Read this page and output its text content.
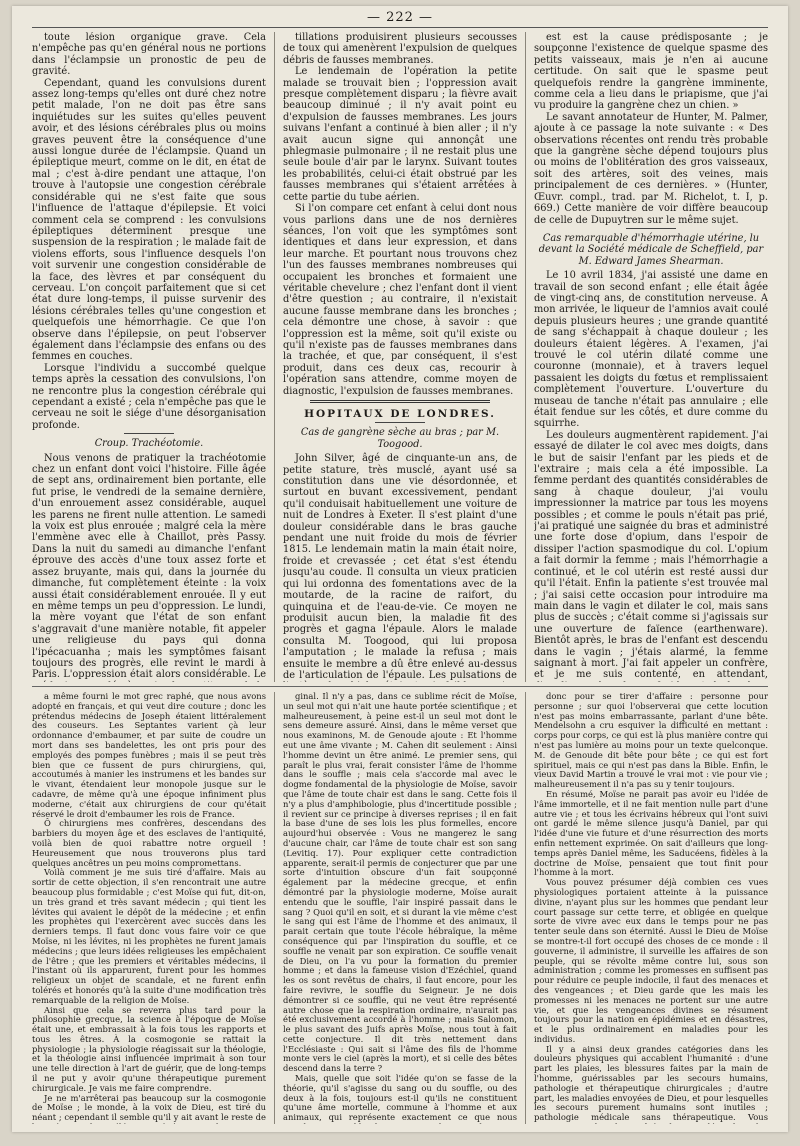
— 222 —

toute lésion organique grave. Cela n'empêche pas qu'en général nous ne portions dans l'éclampsie un pronostic de peu de gravité.

Cependant, quand les convulsions durent assez long-temps qu'elles ont duré chez notre petit malade, l'on ne doit pas être sans inquiétudes sur les suites qu'elles peuvent avoir, et des lésions cérébrales plus ou moins graves peuvent être la conséquence d'une aussi longue durée de l'éclampsie. Quand un épileptique meurt, comme on le dit, en état de mal ; c'est à-dire pendant une attaque, l'on trouve à l'autopsie une congestion cérébrale considérable qui ne s'est faite que sous l'influence de l'attaque d'épilepsie. Et voici comment cela se comprend : les convulsions épileptiques déterminent presque une suspension de la respiration ; le malade fait de violens efforts, sous l'influence desquels l'on voit survenir une congestion considérable de la face, des lèvres et par conséquent du cerveau. L'on conçoit parfaitement que si cet état dure long-temps, il puisse survenir des lésions cérébrales telles qu'une congestion et quelquefois une hémorrhagie. Ce que l'on observe dans l'épilepsie, on peut l'observer également dans l'éclampsie des enfans ou des femmes en couches.

Lorsque l'individu a succombé quelque temps après la cessation des convulsions, l'on ne rencontre plus la congestion cérébrale qui cependant a existé ; cela n'empêche pas que le cerveau ne soit le siége d'une désorganisation profonde.

Croup. Trachéotomie.

Nous venons de pratiquer la trachéotomie chez un enfant dont voici l'histoire. Fille âgée de sept ans, ordinairement bien portante, elle fut prise, le vendredi de la semaine dernière, d'un enrouement assez considérable, auquel les parens ne firent nulle attention. Le samedi la voix est plus enrouée ; malgré cela la mère l'emmène avec elle à Chaillot, près Passy. Dans la nuit du samedi au dimanche l'enfant éprouve des accès d'une toux assez forte et assez bruyante, mais qui, dans la journée du dimanche, fut complètement éteinte : la voix aussi était considérablement enrouée. Il y eut en même temps un peu d'oppression. Le lundi, la mère voyant que l'état de son enfant s'aggravait d'une manière notable, fit appeler une religieuse du pays qui donna l'ipécacuanha ; mais les symptômes faisant toujours des progrès, elle revint le mardi à Paris. L'oppression était alors considérable. Le

tillations produisirent plusieurs secousses de toux qui amenèrent l'expulsion de quelques débris de fausses membranes.

Le lendemain de l'opération la petite malade se trouvait bien ; l'oppression avait presque complètement disparu ; la fièvre avait beaucoup diminué ; il n'y avait point eu d'expulsion de fausses membranes. Les jours suivans l'enfant a continué à bien aller ; il n'y avait aucun signe qui annonçât une phlegmasie pulmonaire ; il ne restait plus une seule boule d'air par le larynx. Suivant toutes les probabilités, celui-ci était obstrué par les fausses membranes qui s'étaient arrêtées à cette partie du tube aérien.

Si l'on compare cet enfant à celui dont nous vous parlions dans une de nos dernières séances, l'on voit que les symptômes sont identiques et dans leur expression, et dans leur marche. Et pourtant nous trouvons chez l'un des fausses membranes nombreuses qui occupaient les bronches et formaient une véritable chevelure ; chez l'enfant dont il vient d'être question ; au contraire, il n'existait aucune fausse membrane dans les bronches ; cela démontre une chose, à savoir : que l'oppression est la même, soit qu'il existe ou qu'il n'existe pas de fausses membranes dans la trachée, et que, par conséquent, il s'est produit, dans ces deux cas, recourir à l'opération sans attendre, comme moyen de diagnostic, l'expulsion de fausses membranes.

HOPITAUX DE LONDRES.

Cas de gangrène sèche au bras ; par M. Toogood.

John Silver, âgé de cinquante-un ans, de petite stature, très musclé, ayant usé sa constitution dans une vie désordonnée, et surtout en buvant excessivement, pendant qu'il conduisait habituellement une voiture de nuit de Londres à Exeter. Il s'est plaint d'une douleur considérable dans le bras gauche pendant une nuit froide du mois de février 1815. Le lendemain matin la main était noire, froide et crevassée ; cet état s'est étendu jusqu'au coude. Il consulta un vieux praticien qui lui ordonna des fomentations avec de la moutarde, de la racine de raifort, du quinquina et de l'eau-de-vie. Ce moyen ne produisit aucun bien, la maladie fit des progrès et gagna l'épaule. Alors le malade consulta M. Toogood, qui lui proposa l'amputation ; le malade la refusa ; mais ensuite le membre a dû être enlevé au-dessus de l'articulation de l'épaule. Les pulsations de

est est la cause prédisposante ; je soupçonne l'existence de quelque spasme des petits vaisseaux, mais je n'en ai aucune certitude. On sait que le spasme peut quelquefois rendre la gangrène imminente, comme cela a lieu dans le priapisme, que j'ai vu produire la gangrène chez un chien. »

Le savant annotateur de Hunter, M. Palmer, ajoute à ce passage la note suivante : « Des observations récentes ont rendu très probable que la gangrène sèche dépend toujours plus ou moins de l'oblitération des gros vaisseaux, soit des artères, soit des veines, mais principalement de ces dernières. » (Hunter, Œuvr. compl., trad. par M. Richelot, t. I, p. 669.) Cette manière de voir diffère beaucoup de celle de Dupuytren sur le même sujet.

Cas remarquable d'hémorrhagie utérine, lu devant la Société médicale de Scheffield, par M. Edward James Shearman.

Le 10 avril 1834, j'ai assisté une dame en travail de son second enfant ; elle était âgée de vingt-cinq ans, de constitution nerveuse. A mon arrivée, le liqueur de l'amnios avait coulé depuis plusieurs heures ; une grande quantité de sang s'échappait à chaque douleur ; les douleurs étaient légères. A l'examen, j'ai trouvé le col utérin dilaté comme une couronne (monnaie), et à travers lequel passaient les doigts du fœtus et remplissaient complètement l'ouverture. L'ouverture du museau de tanche n'était pas annulaire ; elle était fendue sur les côtés, et dure comme du squirrhe.

Les douleurs augmentèrent rapidement. J'ai essayé de dilater le col avec mes doigts, dans le but de saisir l'enfant par les pieds et de l'extraire ; mais cela a été impossible. La femme perdant des quantités considérables de sang à chaque douleur, j'ai voulu impressionner la matrice par tous les moyens possibles ; et comme le pouls n'était pas prié, j'ai pratiqué une saignée du bras et administré une forte dose d'opium, dans l'espoir de dissiper l'action spasmodique du col. L'opium a fait dormir la femme ; mais l'hémorrhagie a continué, et le col utérin est resté aussi dur qu'il l'était. Enfin la patiente s'est trouvée mal ; j'ai saisi cette occasion pour introduire ma main dans le vagin et dilater le col, mais sans plus de succès ; c'était comme si j'agissais sur une ouverture de faïence (earthenware). Bientôt après, le bras de l'enfant est descendu dans le vagin ; j'étais alarmé, la femme saignant à mort. J'ai fait appeler un confrère, et je me suis contenté, en attendant,

a même fourni le mot grec raphé, que nous avons adopté en français, et qui veut dire couture ; donc les prétendus médecins de Joseph étaient littéralement des couseurs. Les Septantes varient çà leur ordonnance d'embaumer, et par suite de coudre un mort dans ses bandelettes, les ont pris pour des employés des pompes funèbres ; mais il se peut très bien que ce fussent de purs chirurgiens, qui, accoutumés à manier les instrumens et les bandes sur le vivant, étendaient leur monopole jusque sur le cadavre, de même qu'à une époque infiniment plus moderne, c'était aux chirurgiens de cour qu'était réservé le droit d'embaumer les rois de France.

Ô chirurgiens mes confrères, descendans des barbiers du moyen âge et des esclaves de l'antiquité, voilà bien de quoi rabattre notre orgueil ! Heureusement que nous trouverons plus tard quelques ancêtres un peu moins compromettans.

Voilà comment je me suis tiré d'affaire. Mais au sortir de cette objection, il s'en rencontrait une autre beaucoup plus formidable ; c'est Moïse qui fut, dit-on, un très grand et très savant médecin ; qui tient les lévites qui avaient le dépôt de la médecine ; et enfin les prophètes qui l'exercèrent avec succès dans les derniers temps. Il faut donc vous faire voir ce que Moïse, ni les lévites, ni les prophètes ne furent jamais médecins ; que leurs idées religieuses les empêchaient de l'être ; que les premiers et véritables médecins, il l'instant où ils apparurent, furent pour les hommes religieux un objet de scandale, et ne furent enfin tolérés et honorés qu'à la suite d'une modification très remarquable de la religion de Moïse.

Ainsi que cela se reverra plus tard pour la philosophie grecque, la science à l'époque de Moïse était une, et embrassait à la fois tous les rapports et tous les êtres. À la cosmogonie se rattait la physiologie ; la physiologie réagissait sur la théologie, et la théologie ainsi influencée imprimait à son tour une telle direction à l'art de guérir, que de long-temps il ne put y avoir qu'une thérapeutique purement chirurgicale. Je vais me faire comprendre.

Je ne m'arrêterai pas beaucoup sur la cosmogonie de Moïse ; le monde, à la voix de Dieu, est tiré du néant ; cependant il semble qu'il y ait avant le reste de

ginal. Il n'y a pas, dans ce sublime récit de Moïse, un seul mot qui n'ait une haute portée scientifique ; et malheureusement, à peine est-il un seul mot dont le sens demeure assuré. Ainsi, dans le même verset que nous examinons, M. de Genoude ajoute : Et l'homme eut une âme vivante ; M. Cahen dit seulement : Ainsi l'homme devint un être animé. Le premier sens, qui paraît le plus vrai, ferait consister l'âme de l'homme dans le souffle ; mais cela s'accorde mal avec le dogme fondamental de la physiologie de Moïse, savoir que l'âme de toute chair est dans le sang. Cette fois il n'y a plus d'amphibologie, plus d'incertitude possible ; il revient sur ce principe à diverses reprises ; il en fait la base d'une de ses lois les plus formelles, encore aujourd'hui observée : Vous ne mangerez le sang d'aucune chair, car l'âme de toute chair est son sang (Levitiq. 17). Pour expliquer cette contradiction apparente, serait-il permis de conjecturer que par une sorte d'intuition obscure d'un fait soupçonné également par la médecine grecque, et enfin démontré par la physiologie moderne, Moïse aurait entendu que le souffle, l'air inspiré passait dans le sang ? Quoi qu'il en soit, et si durant la vie même c'est le sang qui est l'âme de l'homme et des animaux, il parait certain que toute l'école hébraïque, la même conséquence qui par l'inspiration du souffle, et ce souffle ne venait par son expiration. Ce souffle venait de Dieu, on l'a vu pour la formation du premier homme ; et dans la fameuse vision d'Ezéchiel, quand les os sont revêtus de chairs, il faut encore, pour les faire revivre, le souffle du Seigneur. Je ne dois démontrer si ce souffle, qui ne veut être représenté autre chose que la respiration ordinaire, n'aurait pas été exclusivement accordé à l'homme ; mais Salomon, le plus savant des Juifs après Moïse, nous tout à fait cette conjecture. Il dit très nettement dans l'Ecclésiaste : Qui sait si l'âme des fils de l'homme monte vers le ciel (après la mort), et si celle des bêtes descend dans la terre ?

Mais, quelle que soit l'idée qu'on se fasse de la théorie, qu'il s'agisse du sang ou du souffle, ou des deux à la fois, toujours est-il qu'ils ne constituent qu'une âme mortelle, commune à l'homme et aux animaux, qui représente exactement ce que nous

donc pour se tirer d'affaire : personne pour personne ; sur quoi l'observerai que cette locution n'est pas moins embarrassante, parlant d'une bête. Mendelsohn a cru esquiver la difficulté en mettant : corps pour corps, ce qui est là plus manière contre qui n'est pas lumière au moins pour un texte quelconque. M. de Genoude dit bête pour bête ; ce qui est fort spirituel, mais ce qui n'est pas dans la Bible. Enfin, le vieux David Martin a trouvé le vrai mot : vie pour vie ; malheureusement il n'a pas su y tenir toujours.

En résumé, Moïse ne parait pas avoir eu l'idée de l'âme immortelle, et il ne fait mention nulle part d'une autre vie ; et tous les écrivains hébreux qui l'ont suivi ont gardé le même silence jusqu'à Daniel, par qui l'idée d'une vie future et d'une résurrection des morts enfin nettement exprimée. On sait d'ailleurs que long-temps après Daniel même, les Saducéens, fidèles à la doctrine de Moïse, pensaient que tout finit pour l'homme à la mort.

Vous pouvez présumer déjà combien ces vues physiologiques portaient atteinte à la puissance divine, n'ayant plus sur les hommes que pendant leur court passage sur cette terre, et obligée en quelque sorte de vivre avec eux dans le temps pour ne pas tenter seule dans son éternité. Aussi le Dieu de Moïse se montre-t-il fort occupé des choses de ce monde : il gouverne, il administre, il surveille les affaires de son peuple, qui se révolte même contre lui, sous son administration ; comme les promesses en suffisent pas pour réduire ce peuple indocile, il faut des menaces et des vengeances ; et Dieu garde que les mais les promesses ni les menaces ne portent sur une autre vie, et que les vengeances divines se résument toujours pour la nation en épidémies et en désastres, et le plus ordinairement en maladies pour les individus.

Il y a ainsi deux grandes catégories dans les douleurs physiques qui accablent l'humanité : d'une part les plaies, les blessures faites par la main de l'homme, guérissables par les secours humains, pathologie et thérapeutique chirurgicales ; d'autre part, les maladies envoyées de Dieu, et pour lesquelles les secours purement humains sont inutiles ; pathologie médicale sans thérapeutique. Vous
